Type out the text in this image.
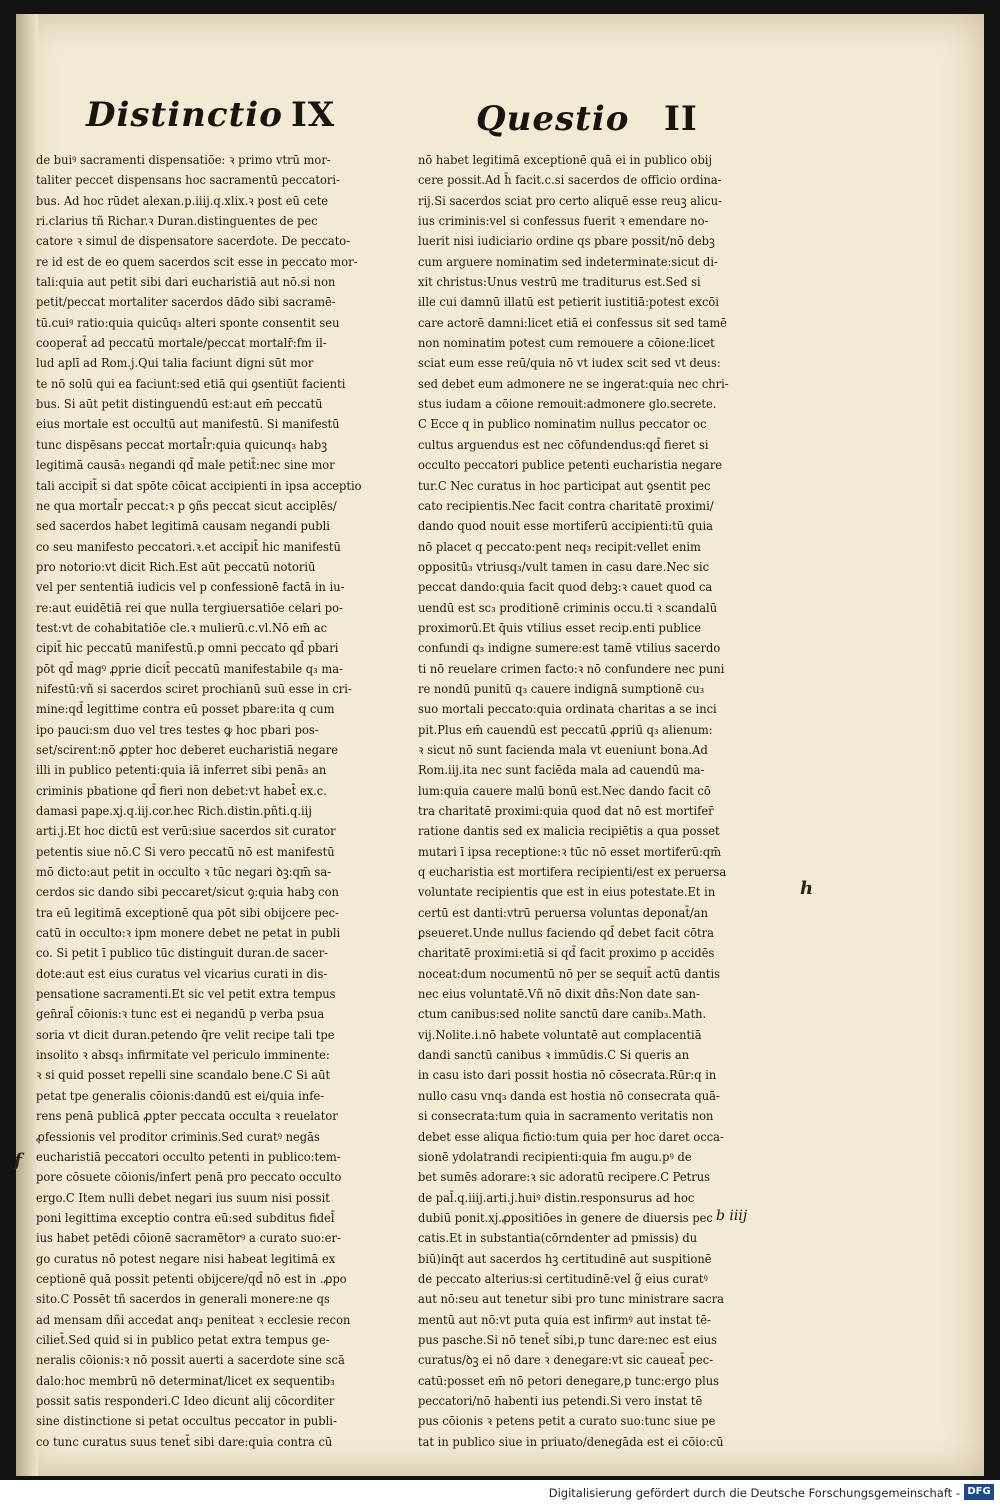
Distinctio IX	Questio II
de buiꝰ sacramenti dispensatiōe: ꝛ primo vtrū mor-
taliter peccet dispensans hoc sacramentū peccatori-
bus. Ad hoc rūdet alexan.p.iiij.q.xlix.ꝛ post eū cete
ri.clarius tñ Richar.ꝛ Duran.distinguentes de pec
catore ꝛ simul de dispensatore sacerdote. De peccato-
re id est de eo quem sacerdos scit esse in peccato mor-
tali:quia aut petit sibi dari eucharistiā aut nō.si non
petit/peccat mortaliter sacerdos dādo sibi sacramē-
tū.cuiꝰ ratio:quia quicūq₃ alteri sponte consentit seu
cooperat̄ ad peccatū mortale/peccat mortalr̄:fm il-
lud aplī ad Rom.j.Qui talia faciunt digni sūt mor
te nō solū qui ea faciunt:sed etiā qui ꝯsentiūt facienti
bus. Si aūt petit distinguendū est:aut em̄ peccatū
eius mortale est occultū aut manifestū. Si manifestū
tunc dispēsans peccat mortal̄r:quia quicunq₃ habꝫ
legitimā causā₃ negandi qd̄ male petit̄:nec sine mor
tali accipit̄ si dat spōte cōicat accipienti in ipsa acceptio
ne qua mortal̄r peccat:ꝛ p ꝯñs peccat sicut acciplēs/
sed sacerdos habet legitimā causam negandi publi
co seu manifesto peccatori.ꝛ.et accipit̄ hic manifestū
pro notorio:vt dicit Rich.Est aūt peccatū notoriū
vel per sententiā iudicis vel p confessionē factā in iu-
re:aut euidētiā rei que nulla tergiuersatiōe celari po-
test:vt de cohabitatiōe cle.ꝛ mulierū.c.vl.Nō em̄ ac
cipit̄ hic peccatū manifestū.p omni peccato qd̄ pbari
pōt qd̄ magꝰ ꝓprie dicit̄ peccatū manifestabile q₃ ma-
nifestū:vñ si sacerdos sciret prochianū suū esse in cri-
mine:qd̄ legittime contra eū posset pbare:ita q cum
ipo pauci:sm duo vel tres testes ꝙ hoc pbari pos-
set/scirent:nō ꝓpter hoc deberet eucharistiā negare
illi in publico petenti:quia iā inferret sibi penā₃ an
criminis pbatione qd̄ fieri non debet:vt habet̄ ex.c.
damasi pape.xj.q.iij.cor.hec Rich.distin.pñti.q.iij
arti.j.Et hoc dictū est verū:siue sacerdos sit curator
petentis siue nō.C Si vero peccatū nō est manifestū
mō dicto:aut petit in occulto ꝛ tūc negari ꝺꝫ:qm̄ sa-
cerdos sic dando sibi peccaret/sicut ꝯ:quia habꝫ con
tra eū legitimā exceptionē qua pōt sibi obijcere pec-
catū in occulto:ꝛ ipm monere debet ne petat in publi
co. Si petit ī publico tūc distinguit duran.de sacer-
dote:aut est eius curatus vel vicarius curati in dis-
pensatione sacramenti.Et sic vel petit extra tempus
gen̄ral̄ cōionis:ꝛ tunc est ei negandū p verba psua
soria vt dicit duran.petendo q̄re velit recipe tali tpe
insolito ꝛ absq₃ infirmitate vel periculo imminente:
ꝛ si quid posset repelli sine scandalo bene.C Si aūt
petat tpe generalis cōionis:dandū est ei/quia infe-
rens penā publicā ꝓpter peccata occulta ꝛ reuelator
ꝓfessionis vel proditor criminis.Sed curatꝰ negās
eucharistiā peccatori occulto petenti in publico:tem-
pore cōsuete cōionis/infert penā pro peccato occulto
ergo.C Item nulli debet negari ius suum nisi possit
poni legittima exceptio contra eū:sed subditus fidel̄
ius habet petēdi cōionē sacramētorꝰ a curato suo:er-
go curatus nō potest negare nisi habeat legitimā ex
ceptionē quā possit petenti obijcere/qd̄ nō est in .ꝓpo
sito.C Possēt tñ sacerdos in generali monere:ne qs
ad mensam dñi accedat anq₃ peniteat ꝛ ecclesie recon
ciliet̄.Sed quid si in publico petat extra tempus ge-
neralis cōionis:ꝛ nō possit auerti a sacerdote sine scā
dalo:hoc membrū nō determinat/licet ex sequentib₃
possit satis responderi.C Ideo dicunt alij cōcorditer
sine distinctione si petat occultus peccator in publi-
co tunc curatus suus tenet̄ sibi dare:quia contra cū
nō habet legitimā exceptionē quā ei in publico obij
cere possit.Ad h̄ facit.c.si sacerdos de officio ordina-
rij.Si sacerdos sciat pro certo aliquē esse reuꝫ alicu-
ius criminis:vel si confessus fuerit ꝛ emendare no-
luerit nisi iudiciario ordine qs pbare possit/nō debꝫ
cum arguere nominatim sed indeterminate:sicut di-
xit christus:Unus vestrū me traditurus est.Sed si
ille cui damnū illatū est petierit iustitiā:potest excōi
care actorē damni:licet etiā ei confessus sit sed tamē
non nominatim potest cum remouere a cōione:licet
sciat eum esse reū/quia nō vt iudex scit sed vt deus:
sed debet eum admonere ne se ingerat:quia nec chri-
stus iudam a cōione remouit:admonere glo.secrete.
C Ecce q in publico nominatim nullus peccator oc
cultus arguendus est nec cōfundendus:qd̄ fieret si
occulto peccatori publice petenti eucharistia negare
tur.C Nec curatus in hoc participat aut ꝯsentit pec
cato recipientis.Nec facit contra charitatē proximi/
dando quod nouit esse mortiferū accipienti:tū quia
nō placet q peccato:pent neq₃ recipit:vellet enim
oppositū₃ vtriusq₃/vult tamen in casu dare.Nec sic
peccat dando:quia facit quod debꝫ:ꝛ cauet quod ca
uendū est sc₃ proditionē criminis occu.ti ꝛ scandalū
proximorū.Et q̄uis vtilius esset recip.enti publice
confundi q₃ indigne sumere:est tamē vtilius sacerdo
ti nō reuelare crimen facto:ꝛ nō confundere nec puni
re nondū punitū q₃ cauere indignā sumptionē cu₃
suo mortali peccato:quia ordinata charitas a se inci
pit.Plus em̄ cauendū est peccatū ꝓpriū q₃ alienum:
ꝛ sicut nō sunt facienda mala vt eueniunt bona.Ad
Rom.iij.ita nec sunt faciēda mala ad cauendū ma-
lum:quia cauere malū bonū est.Nec dando facit cō
tra charitatē proximi:quia quod dat nō est mortifer̄
ratione dantis sed ex malicia recipiētis a qua posset
mutari ī ipsa receptione:ꝛ tūc nō esset mortiferū:qm̄
q eucharistia est mortifera recipienti/est ex peruersa
voluntate recipientis que est in eius potestate.Et in
certū est danti:vtrū peruersa voluntas deponat̄/an
ꝑseueret.Unde nullus faciendo qd̄ debet facit cōtra
charitatē proximi:etiā si qd̄ facit proximo p accidēs
noceat:dum nocumentū nō per se sequit̄ actū dantis
nec eius voluntatē.Vñ nō dixit dñs:Non date san-
ctum canibus:sed nolite sanctū dare canib₃.Math.
vij.Nolite.i.nō habete voluntatē aut complacentiā
dandi sanctū canibus ꝛ immūdis.C Si queris an
in casu isto dari possit hostia nō cōsecrata.Rūr:q in
nullo casu vnq₃ danda est hostia nō consecrata quā-
si consecrata:tum quia in sacramento veritatis non
debet esse aliqua fictio:tum quia per hoc daret occa-
sionē ydolatrandi recipienti:quia fm augu.pꝰ de
bet sumēs adorare:ꝛ sic adoratū recipere.C Petrus
de pal̄.q.iiij.arti.j.huiꝰ distin.responsurus ad hoc
dubiū ponit.xj.ꝓpositiōes in genere de diuersis pec
catis.Et in substantia(cōrndenter ad pmissis) du
biū)inq̄t aut sacerdos hꝫ certitudinē aut suspitionē
de peccato alterius:si certitudinē:vel g̃ eius curatꝰ
aut nō:seu aut tenetur sibi pro tunc ministrare sacra
mentū aut nō:vt puta quia est infirmꝰ aut instat tē-
pus pasche.Si nō tenet̄ sibi,p tunc dare:nec est eius
curatus/ꝺꝫ ei nō dare ꝛ denegare:vt sic caueat̄ pec-
catū:posset em̄ nō petori denegare,p tunc:ergo plus
peccatori/nō habenti ius petendi.Si vero instat tē
pus cōionis ꝛ petens petit a curato suo:tunc siue pe
tat in publico siue in priuato/denegāda est ei cōio:cū
h
f
b iiij
Digitalisierung gefördert durch die Deutsche Forschungsgemeinschaft - DFG
